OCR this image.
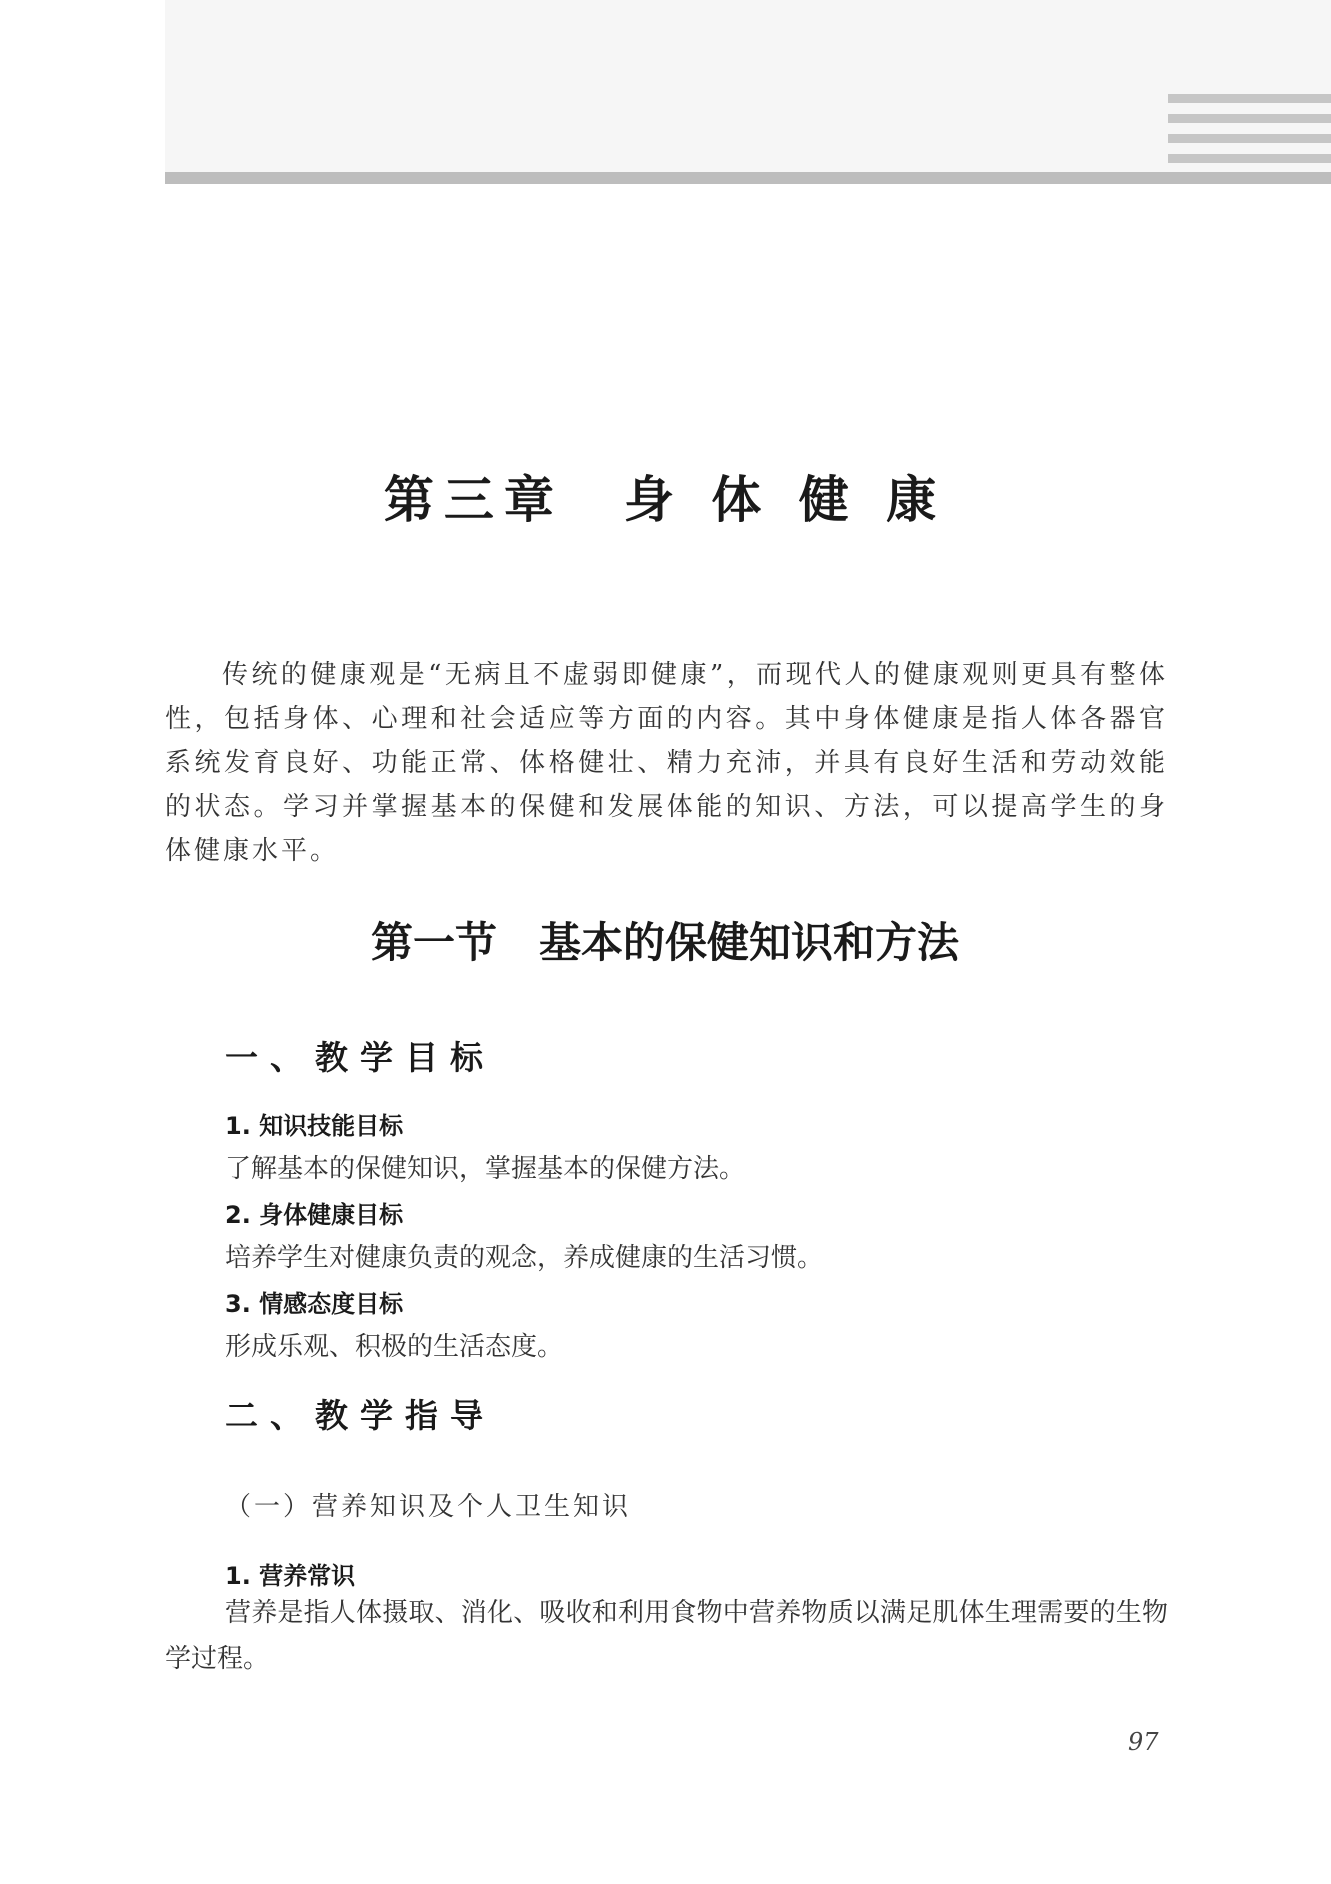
第三章　身 体 健 康

传统的健康观是“无病且不虚弱即健康”，而现代人的健康观则更具有整体性，包括身体、心理和社会适应等方面的内容。其中身体健康是指人体各器官系统发育良好、功能正常、体格健壮、精力充沛，并具有良好生活和劳动效能的状态。学习并掌握基本的保健和发展体能的知识、方法，可以提高学生的身体健康水平。

第一节　基本的保健知识和方法
一、教学目标
1. 知识技能目标
了解基本的保健知识，掌握基本的保健方法。
2. 身体健康目标
培养学生对健康负责的观念，养成健康的生活习惯。
3. 情感态度目标
形成乐观、积极的生活态度。
二、教学指导
（一）营养知识及个人卫生知识
1. 营养常识

营养是指人体摄取、消化、吸收和利用食物中营养物质以满足肌体生理需要的生物学过程。

97
